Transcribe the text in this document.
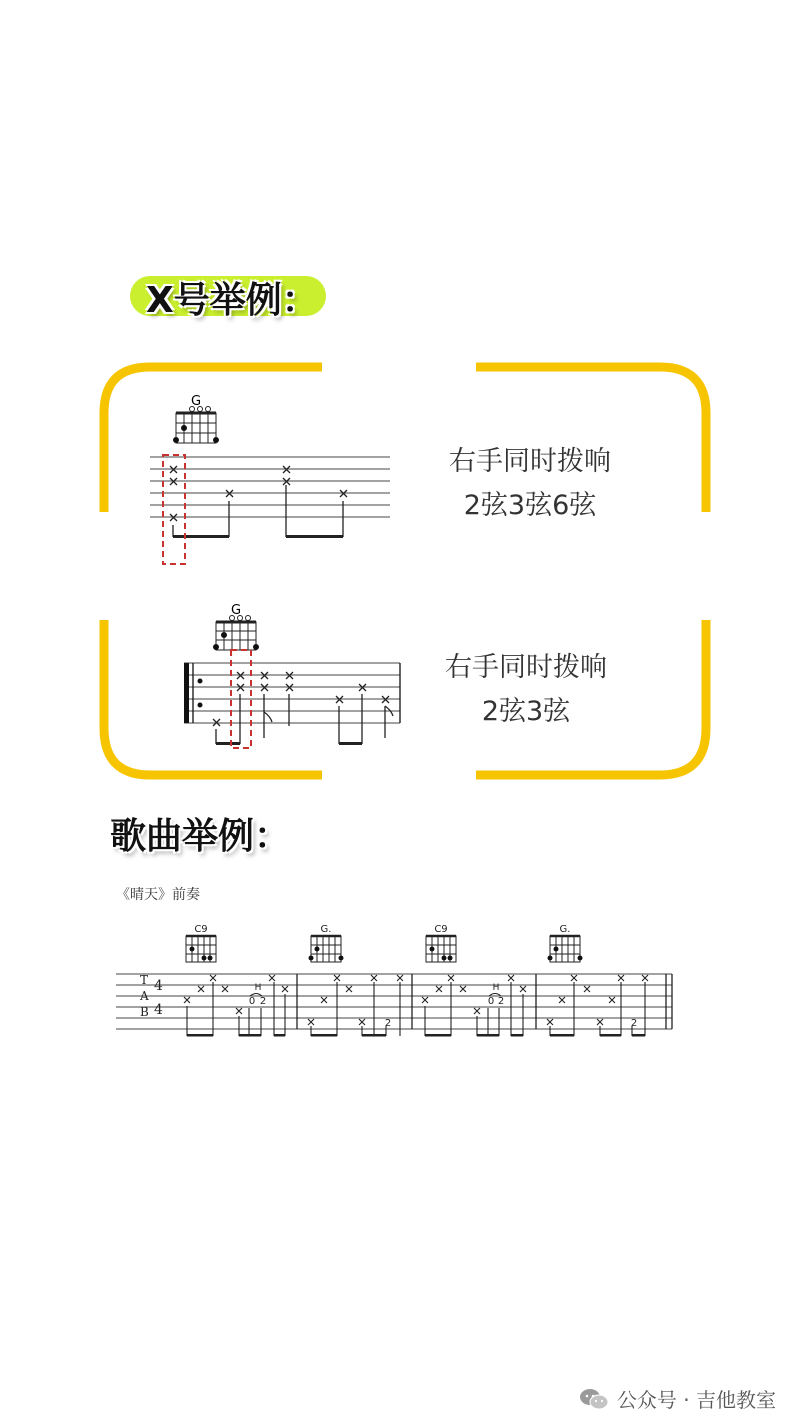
X号举例：
G
右手同时拨响
2弦3弦6弦
G
右手同时拨响
2弦3弦
歌曲举例：
《晴天》前奏
T
A
B
4
4
C9	G.	C9	G.
H	H
0 2
2
0 2
2
公众号 · 吉他教室
